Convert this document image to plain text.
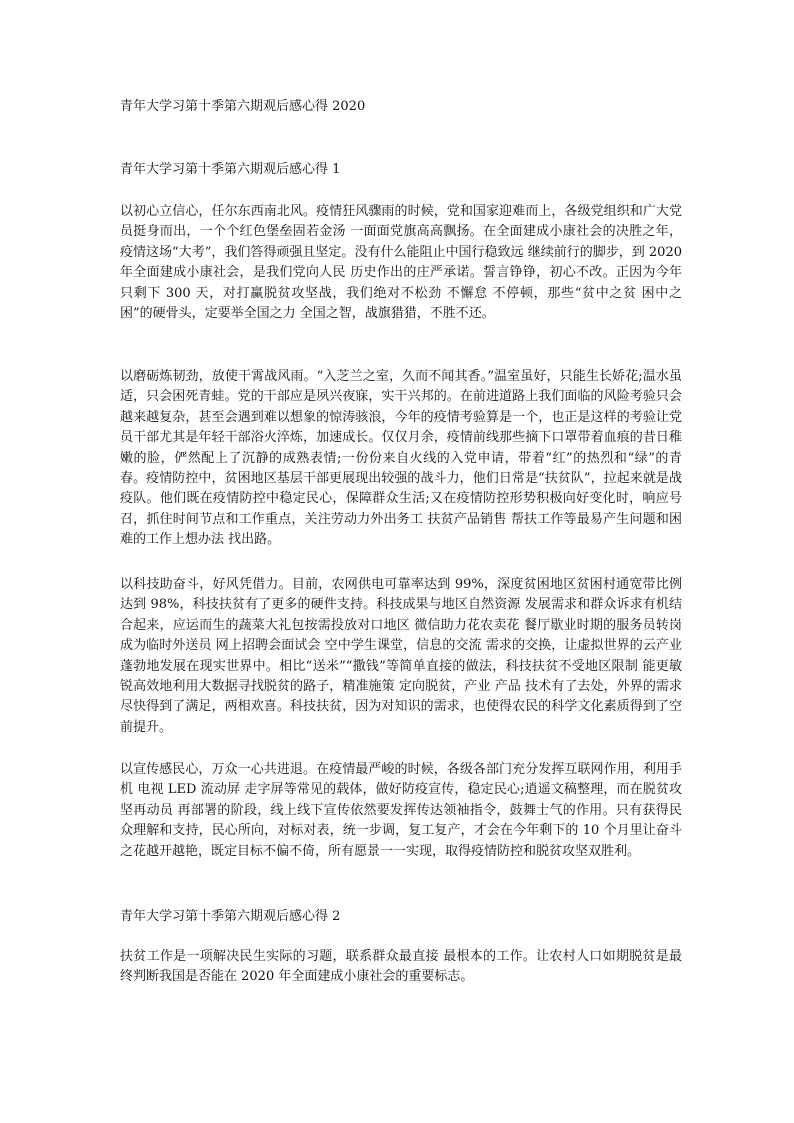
青年大学习第十季第六期观后感心得 2020
青年大学习第十季第六期观后感心得 1

以初心立信心，任尔东西南北风。疫情狂风骤雨的时候，党和国家迎难而上，各级党组织和广大党员挺身而出，一个个红色堡垒固若金汤 一面面党旗高高飘扬。在全面建成小康社会的决胜之年，疫情这场“大考”，我们答得顽强且坚定。没有什么能阻止中国行稳致远 继续前行的脚步，到 2020 年全面建成小康社会，是我们党向人民 历史作出的庄严承诺。誓言铮铮，初心不改。正因为今年只剩下 300 天，对打赢脱贫攻坚战，我们绝对不松劲 不懈怠 不停顿，那些“贫中之贫 困中之困”的硬骨头，定要举全国之力 全国之智，战旗猎猎，不胜不还。

以磨砺炼韧劲，放使干霄战风雨。“入芝兰之室，久而不闻其香。”温室虽好，只能生长娇花;温水虽适，只会困死青蛙。党的干部应是夙兴夜寐，实干兴邦的。在前进道路上我们面临的风险考验只会越来越复杂，甚至会遇到难以想象的惊涛骇浪，今年的疫情考验算是一个，也正是这样的考验让党员干部尤其是年轻干部浴火淬炼，加速成长。仅仅月余，疫情前线那些摘下口罩带着血痕的昔日稚嫩的脸，俨然配上了沉静的成熟表情;一份份来自火线的入党申请，带着“红”的热烈和“绿”的青春。疫情防控中，贫困地区基层干部更展现出较强的战斗力，他们日常是“扶贫队”，拉起来就是战疫队。他们既在疫情防控中稳定民心，保障群众生活;又在疫情防控形势积极向好变化时，响应号召，抓住时间节点和工作重点，关注劳动力外出务工 扶贫产品销售 帮扶工作等最易产生问题和困难的工作上想办法 找出路。

以科技助奋斗，好风凭借力。目前，农网供电可靠率达到 99%，深度贫困地区贫困村通宽带比例达到 98%，科技扶贫有了更多的硬件支持。科技成果与地区自然资源 发展需求和群众诉求有机结合起来，应运而生的蔬菜大礼包按需投放对口地区 微信助力花农卖花 餐厅歇业时期的服务员转岗成为临时外送员 网上招聘会面试会 空中学生课堂，信息的交流 需求的交换，让虚拟世界的云产业蓬勃地发展在现实世界中。相比“送米”“撒钱”等简单直接的做法，科技扶贫不受地区限制 能更敏锐高效地利用大数据寻找脱贫的路子，精准施策 定向脱贫，产业 产品 技术有了去处，外界的需求尽快得到了满足，两相欢喜。科技扶贫，因为对知识的需求，也使得农民的科学文化素质得到了空前提升。

以宣传感民心，万众一心共进退。在疫情最严峻的时候，各级各部门充分发挥互联网作用，利用手机 电视 LED 流动屏 走字屏等常见的载体，做好防疫宣传，稳定民心;逍遥文稿整理，而在脱贫攻坚再动员 再部署的阶段，线上线下宣传依然要发挥传达领袖指令，鼓舞士气的作用。只有获得民众理解和支持，民心所向，对标对表，统一步调，复工复产，才会在今年剩下的 10 个月里让奋斗之花越开越艳，既定目标不偏不倚，所有愿景一一实现，取得疫情防控和脱贫攻坚双胜利。

青年大学习第十季第六期观后感心得 2

扶贫工作是一项解决民生实际的习题，联系群众最直接 最根本的工作。让农村人口如期脱贫是最终判断我国是否能在 2020 年全面建成小康社会的重要标志。
